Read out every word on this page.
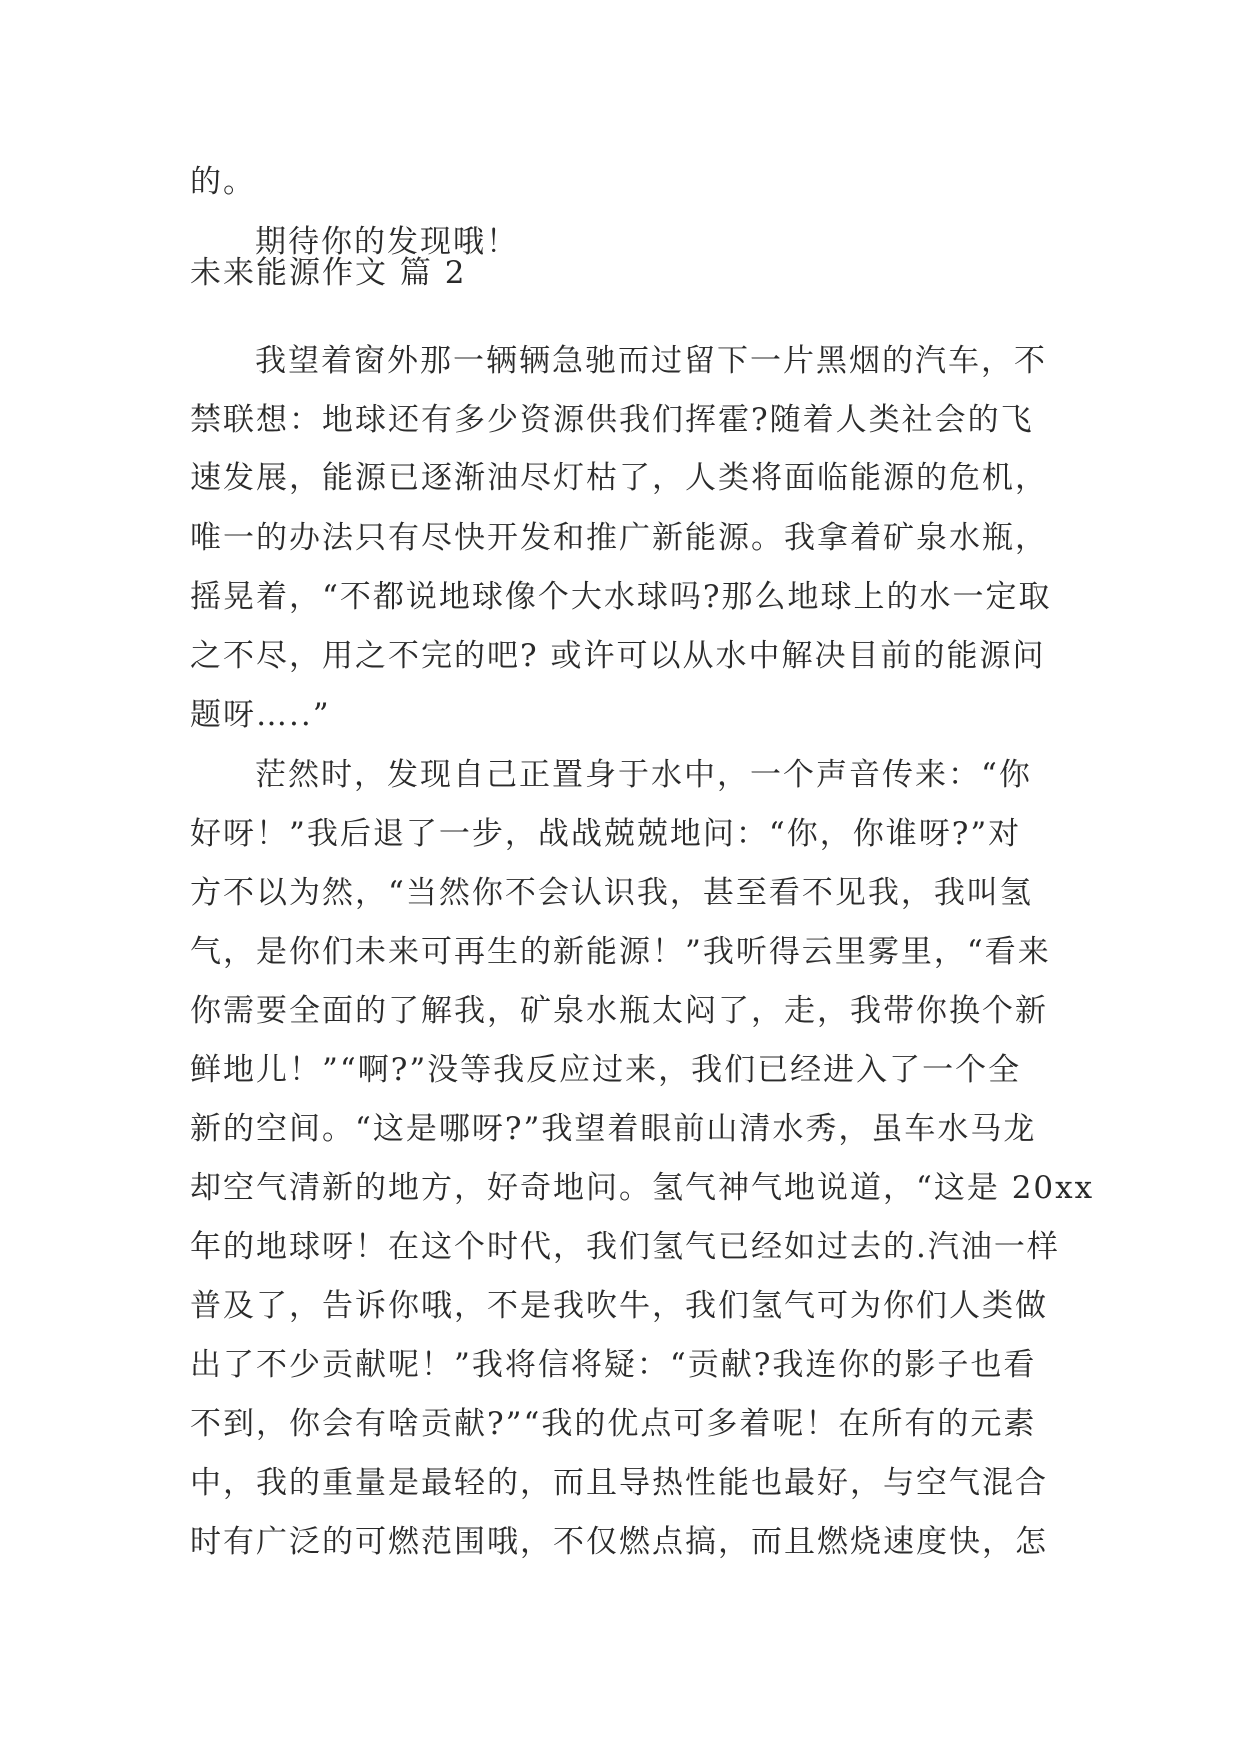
的。
期待你的发现哦！
未来能源作文 篇 2
我望着窗外那一辆辆急驰而过留下一片黑烟的汽车，不
禁联想：地球还有多少资源供我们挥霍?随着人类社会的飞
速发展，能源已逐渐油尽灯枯了，人类将面临能源的危机，
唯一的办法只有尽快开发和推广新能源。我拿着矿泉水瓶，
摇晃着，“不都说地球像个大水球吗?那么地球上的水一定取
之不尽，用之不完的吧? 或许可以从水中解决目前的能源问
题呀…..”
茫然时，发现自己正置身于水中，一个声音传来：“你
好呀！”我后退了一步，战战兢兢地问：“你，你谁呀?”对
方不以为然，“当然你不会认识我，甚至看不见我，我叫氢
气，是你们未来可再生的新能源！”我听得云里雾里，“看来
你需要全面的了解我，矿泉水瓶太闷了，走，我带你换个新
鲜地儿！”“啊?”没等我反应过来，我们已经进入了一个全
新的空间。“这是哪呀?”我望着眼前山清水秀，虽车水马龙
却空气清新的地方，好奇地问。氢气神气地说道，“这是 20xx
年的地球呀！在这个时代，我们氢气已经如过去的.汽油一样
普及了，告诉你哦，不是我吹牛，我们氢气可为你们人类做
出了不少贡献呢！”我将信将疑：“贡献?我连你的影子也看
不到，你会有啥贡献?”“我的优点可多着呢！在所有的元素
中，我的重量是最轻的，而且导热性能也最好，与空气混合
时有广泛的可燃范围哦，不仅燃点搞，而且燃烧速度快，怎
